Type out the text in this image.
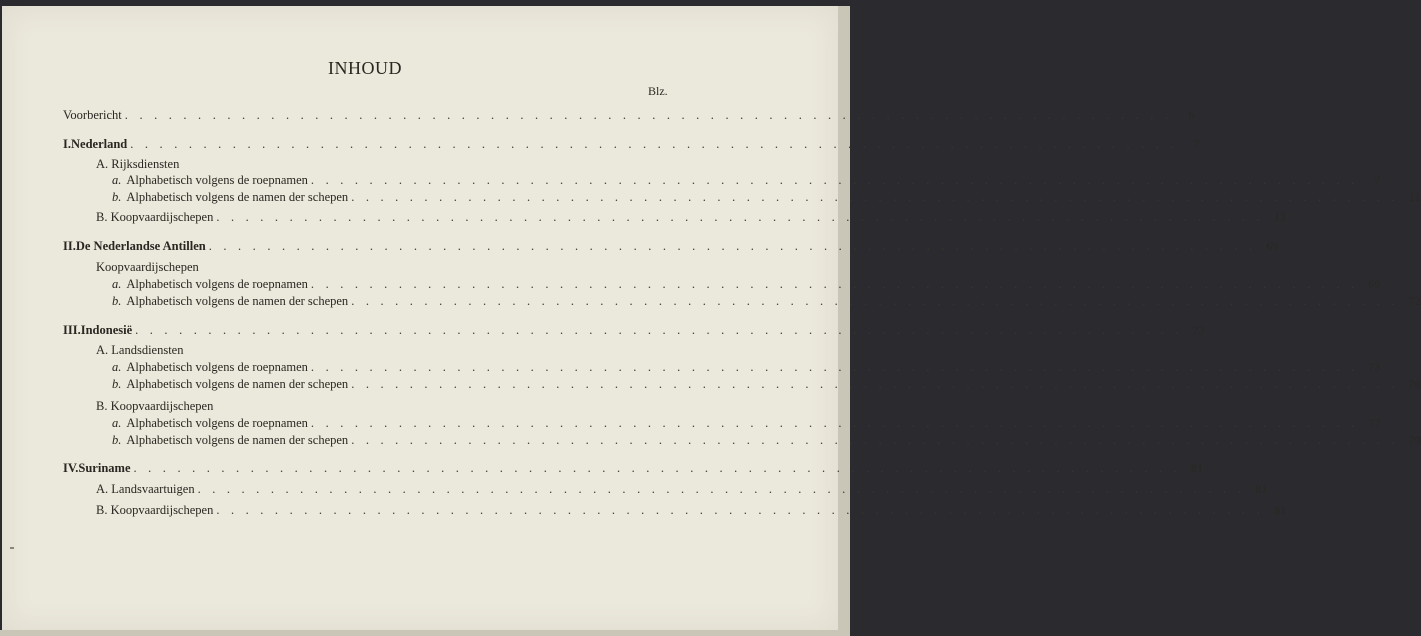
INHOUD
Blz.
Voorbericht . . . . . . . . . . . . . . . . . . . . . . . . . . . . . . . . . . . . . . . . . . . . . . . . . . . . . . . . . . . . . . . . . . . . . . . .	6
I. Nederland . . . . . . . . . . . . . . . . . . . . . . . . . . . . . . . . . . . . . . . . . . . . . . . . . . . . . . . . . . . . . . . . . . . . . . . .	7
A. Rijksdiensten
a. Alphabetisch volgens de roepnamen . . . . . . . . . . . . . . . . . . . . . . . . . . . . . . . . . . . . . . . . . . . . . . . . . . . . . . . . . . . . . . . . . . . . . . . .	7
b. Alphabetisch volgens de namen der schepen . . . . . . . . . . . . . . . . . . . . . . . . . . . . . . . . . . . . . . . . . . . . . . . . . . . . . . . . . . . . . . . . . . . . . . . . 11
B. Koopvaardijschepen . . . . . . . . . . . . . . . . . . . . . . . . . . . . . . . . . . . . . . . . . . . . . . . . . . . . . . . . . . . . . . . . . . . . . . . . 13
II. De Nederlandse Antillen . . . . . . . . . . . . . . . . . . . . . . . . . . . . . . . . . . . . . . . . . . . . . . . . . . . . . . . . . . . . . . . . . . . . . . . . 69
Koopvaardijschepen
a. Alphabetisch volgens de roepnamen . . . . . . . . . . . . . . . . . . . . . . . . . . . . . . . . . . . . . . . . . . . . . . . . . . . . . . . . . . . . . . . . . . . . . . . . 69
b. Alphabetisch volgens de namen der schepen . . . . . . . . . . . . . . . . . . . . . . . . . . . . . . . . . . . . . . . . . . . . . . . . . . . . . . . . . . . . . . . . . . . . . . . . 72
III. Indonesië . . . . . . . . . . . . . . . . . . . . . . . . . . . . . . . . . . . . . . . . . . . . . . . . . . . . . . . . . . . . . . . . . . . . . . . . 73
A. Landsdiensten
a. Alphabetisch volgens de roepnamen . . . . . . . . . . . . . . . . . . . . . . . . . . . . . . . . . . . . . . . . . . . . . . . . . . . . . . . . . . . . . . . . . . . . . . . . 73
b. Alphabetisch volgens de namen der schepen . . . . . . . . . . . . . . . . . . . . . . . . . . . . . . . . . . . . . . . . . . . . . . . . . . . . . . . . . . . . . . . . . . . . . . . . 76
B. Koopvaardijschepen
a. Alphabetisch volgens de roepnamen . . . . . . . . . . . . . . . . . . . . . . . . . . . . . . . . . . . . . . . . . . . . . . . . . . . . . . . . . . . . . . . . . . . . . . . . 77
b. Alphabetisch volgens de namen der schepen . . . . . . . . . . . . . . . . . . . . . . . . . . . . . . . . . . . . . . . . . . . . . . . . . . . . . . . . . . . . . . . . . . . . . . . . 79
IV. Suriname . . . . . . . . . . . . . . . . . . . . . . . . . . . . . . . . . . . . . . . . . . . . . . . . . . . . . . . . . . . . . . . . . . . . . . . . 81
A. Landsvaartuigen . . . . . . . . . . . . . . . . . . . . . . . . . . . . . . . . . . . . . . . . . . . . . . . . . . . . . . . . . . . . . . . . . . . . . . . . 81
B. Koopvaardijschepen . . . . . . . . . . . . . . . . . . . . . . . . . . . . . . . . . . . . . . . . . . . . . . . . . . . . . . . . . . . . . . . . . . . . . . . . 81
